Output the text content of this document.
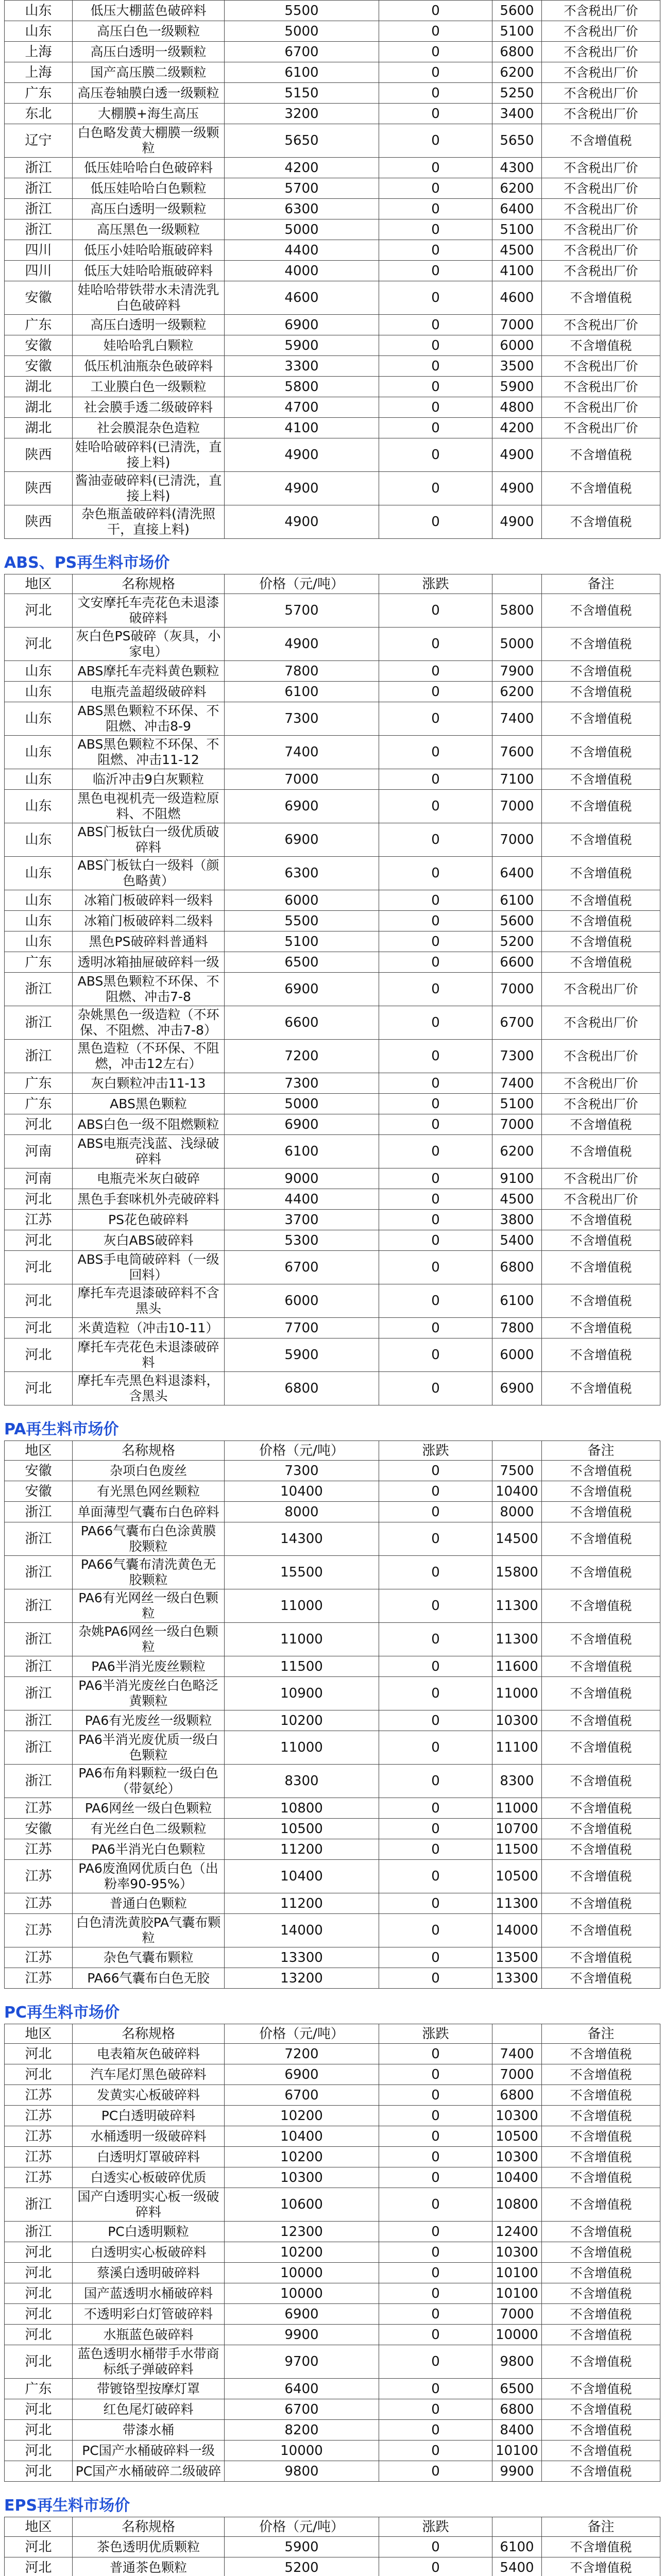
山东	低压大棚蓝色破碎料	5500	0	5600	不含税出厂价
山东	高压白色一级颗粒	5000	0	5100	不含税出厂价
上海	高压白透明一级颗粒	6700	0	6800	不含税出厂价
上海	国产高压膜二级颗粒	6100	0	6200	不含税出厂价
广东	高压卷轴膜白透一级颗粒	5150	0	5250	不含税出厂价
东北	大棚膜+海生高压	3200	0	3400	不含税出厂价
辽宁	白色略发黄大棚膜一级颗粒	5650	0	5650	不含增值税
浙江	低压娃哈哈白色破碎料	4200	0	4300	不含税出厂价
浙江	低压娃哈哈白色颗粒	5700	0	6200	不含税出厂价
浙江	高压白透明一级颗粒	6300	0	6400	不含税出厂价
浙江	高压黑色一级颗粒	5000	0	5100	不含税出厂价
四川	低压小娃哈哈瓶破碎料	4400	0	4500	不含税出厂价
四川	低压大娃哈哈瓶破碎料	4000	0	4100	不含税出厂价
安徽	娃哈哈带铁带水未清洗乳白色破碎料	4600	0	4600	不含增值税
广东	高压白透明一级颗粒	6900	0	7000	不含税出厂价
安徽	娃哈哈乳白颗粒	5900	0	6000	不含增值税
安徽	低压机油瓶杂色破碎料	3300	0	3500	不含税出厂价
湖北	工业膜白色一级颗粒	5800	0	5900	不含税出厂价
湖北	社会膜手透二级破碎料	4700	0	4800	不含税出厂价
湖北	社会膜混杂色造粒	4100	0	4200	不含税出厂价
陕西	娃哈哈破碎料(已清洗，直接上料)	4900	0	4900	不含增值税
陕西	酱油壶破碎料(已清洗，直接上料)	4900	0	4900	不含增值税
陕西	杂色瓶盖破碎料(清洗照干，直接上料)	4900	0	4900	不含增值税
ABS、PS再生料市场价
地区	名称规格	价格（元/吨）	涨跌		备注
河北	文安摩托车壳花色未退漆破碎料	5700	0	5800	不含增值税
河北	灰白色PS破碎（灰具，小家电）	4900	0	5000	不含增值税
山东	ABS摩托车壳料黄色颗粒	7800	0	7900	不含增值税
山东	电瓶壳盖超级破碎料	6100	0	6200	不含增值税
山东	ABS黑色颗粒不环保、不阻燃、冲击8-9	7300	0	7400	不含增值税
山东	ABS黑色颗粒不环保、不阻燃、冲击11-12	7400	0	7600	不含增值税
山东	临沂冲击9白灰颗粒	7000	0	7100	不含增值税
山东	黑色电视机壳一级造粒原料、不阻燃	6900	0	7000	不含增值税
山东	ABS门板钛白一级优质破碎料	6900	0	7000	不含增值税
山东	ABS门板钛白一级料（颜色略黄）	6300	0	6400	不含增值税
山东	冰箱门板破碎料一级料	6000	0	6100	不含增值税
山东	冰箱门板破碎料二级料	5500	0	5600	不含增值税
山东	黑色PS破碎料普通料	5100	0	5200	不含增值税
广东	透明冰箱抽屉破碎料一级	6500	0	6600	不含增值税
浙江	ABS黑色颗粒不环保、不阻燃、冲击7-8	6900	0	7000	不含税出厂价
浙江	杂姚黑色一级造粒（不环保、不阻燃、冲击7-8）	6600	0	6700	不含税出厂价
浙江	黑色造粒（不环保、不阻燃，冲击12左右）	7200	0	7300	不含税出厂价
广东	灰白颗粒冲击11-13	7300	0	7400	不含税出厂价
广东	ABS黑色颗粒	5000	0	5100	不含税出厂价
河北	ABS白色一级不阻燃颗粒	6900	0	7000	不含增值税
河南	ABS电瓶壳浅蓝、浅绿破碎料	6100	0	6200	不含增值税
河南	电瓶壳米灰白破碎	9000	0	9100	不含税出厂价
河北	黑色手套咪机外壳破碎料	4400	0	4500	不含税出厂价
江苏	PS花色破碎料	3700	0	3800	不含增值税
河北	灰白ABS破碎料	5300	0	5400	不含增值税
河北	ABS手电筒破碎料（一级回料）	6700	0	6800	不含增值税
河北	摩托车壳退漆破碎料不含黑头	6000	0	6100	不含增值税
河北	米黄造粒（冲击10-11）	7700	0	7800	不含增值税
河北	摩托车壳花色未退漆破碎料	5900	0	6000	不含增值税
河北	摩托车壳黑色料退漆料，含黑头	6800	0	6900	不含增值税
PA再生料市场价
地区	名称规格	价格（元/吨）	涨跌		备注
安徽	杂项白色废丝	7300	0	7500	不含增值税
安徽	有光黑色网丝颗粒	10400	0	10400	不含增值税
浙江	单面薄型气囊布白色碎料	8000	0	8000	不含增值税
浙江	PA66气囊布白色涂黄膜胶颗粒	14300	0	14500	不含增值税
浙江	PA66气囊布清洗黄色无胶颗粒	15500	0	15800	不含增值税
浙江	PA6有光网丝一级白色颗粒	11000	0	11300	不含增值税
浙江	杂姚PA6网丝一级白色颗粒	11000	0	11300	不含增值税
浙江	PA6半消光废丝颗粒	11500	0	11600	不含增值税
浙江	PA6半消光废丝白色略泛黄颗粒	10900	0	11000	不含增值税
浙江	PA6有光废丝一级颗粒	10200	0	10300	不含增值税
浙江	PA6半消光废优质一级白色颗粒	11000	0	11100	不含增值税
浙江	PA6布角料颗粒一级白色（带氨纶）	8300	0	8300	不含增值税
江苏	PA6网丝一级白色颗粒	10800	0	11000	不含增值税
安徽	有光丝白色二级颗粒	10500	0	10700	不含增值税
江苏	PA6半消光白色颗粒	11200	0	11500	不含增值税
江苏	PA6废渔网优质白色（出粉率90-95%）	10400	0	10500	不含增值税
江苏	普通白色颗粒	11200	0	11300	不含增值税
江苏	白色清洗黄胶PA气囊布颗粒	14000	0	14000	不含增值税
江苏	杂色气囊布颗粒	13300	0	13500	不含增值税
江苏	PA66气囊布白色无胶	13200	0	13300	不含增值税
PC再生料市场价
地区	名称规格	价格（元/吨）	涨跌		备注
河北	电表箱灰色破碎料	7200	0	7400	不含增值税
河北	汽车尾灯黑色破碎料	6900	0	7000	不含增值税
江苏	发黄实心板破碎料	6700	0	6800	不含增值税
江苏	PC白透明破碎料	10200	0	10300	不含增值税
江苏	水桶透明一级破碎料	10400	0	10500	不含增值税
江苏	白透明灯罩破碎料	10200	0	10300	不含增值税
江苏	白透实心板破碎优质	10300	0	10400	不含增值税
浙江	国产白透明实心板一级破碎料	10600	0	10800	不含增值税
浙江	PC白透明颗粒	12300	0	12400	不含增值税
河北	白透明实心板破碎料	10200	0	10300	不含增值税
河北	蔡溪白透明破碎料	10000	0	10100	不含增值税
河北	国产蓝透明水桶破碎料	10000	0	10100	不含增值税
河北	不透明彩白灯管破碎料	6900	0	7000	不含增值税
河北	水瓶蓝色破碎料	9900	0	10000	不含增值税
河北	蓝色透明水桶带手水带商标纸子弹破碎料	9700	0	9800	不含增值税
广东	带镀铬型按摩灯罩	6400	0	6500	不含增值税
河北	红色尾灯破碎料	6700	0	6800	不含增值税
河北	带漆水桶	8200	0	8400	不含增值税
河北	PC国产水桶破碎料一级	10000	0	10100	不含增值税
河北	PC国产水桶破碎二级破碎	9800	0	9900	不含增值税
EPS再生料市场价
地区	名称规格	价格（元/吨）	涨跌		备注
河北	茶色透明优质颗粒	5900	0	6100	不含增值税
河北	普通茶色颗粒	5200	0	5400	不含增值税
